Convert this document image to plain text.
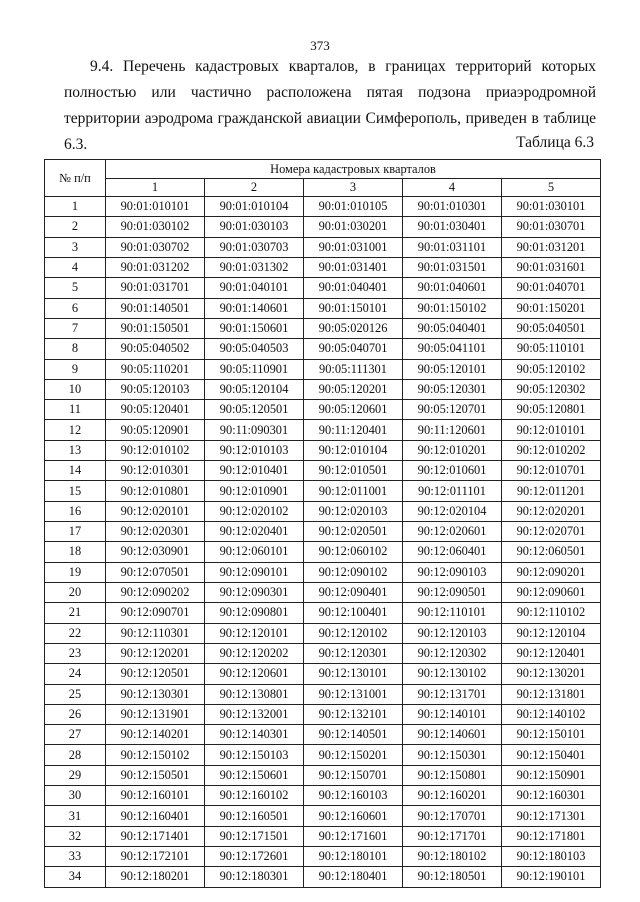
373

9.4. Перечень кадастровых кварталов, в границах территорий которых полностью или частично расположена пятая подзона приаэродромной территории аэродрома гражданской авиации Симферополь, приведен в таблице 6.3.	Таблица 6.3
№ п/п	Номера кадастровых кварталов				
	1	2	3	4	5
1	90:01:010101	90:01:010104	90:01:010105	90:01:010301	90:01:030101
2	90:01:030102	90:01:030103	90:01:030201	90:01:030401	90:01:030701
3	90:01:030702	90:01:030703	90:01:031001	90:01:031101	90:01:031201
4	90:01:031202	90:01:031302	90:01:031401	90:01:031501	90:01:031601
5	90:01:031701	90:01:040101	90:01:040401	90:01:040601	90:01:040701
6	90:01:140501	90:01:140601	90:01:150101	90:01:150102	90:01:150201
7	90:01:150501	90:01:150601	90:05:020126	90:05:040401	90:05:040501
8	90:05:040502	90:05:040503	90:05:040701	90:05:041101	90:05:110101
9	90:05:110201	90:05:110901	90:05:111301	90:05:120101	90:05:120102
10	90:05:120103	90:05:120104	90:05:120201	90:05:120301	90:05:120302
11	90:05:120401	90:05:120501	90:05:120601	90:05:120701	90:05:120801
12	90:05:120901	90:11:090301	90:11:120401	90:11:120601	90:12:010101
13	90:12:010102	90:12:010103	90:12:010104	90:12:010201	90:12:010202
14	90:12:010301	90:12:010401	90:12:010501	90:12:010601	90:12:010701
15	90:12:010801	90:12:010901	90:12:011001	90:12:011101	90:12:011201
16	90:12:020101	90:12:020102	90:12:020103	90:12:020104	90:12:020201
17	90:12:020301	90:12:020401	90:12:020501	90:12:020601	90:12:020701
18	90:12:030901	90:12:060101	90:12:060102	90:12:060401	90:12:060501
19	90:12:070501	90:12:090101	90:12:090102	90:12:090103	90:12:090201
20	90:12:090202	90:12:090301	90:12:090401	90:12:090501	90:12:090601
21	90:12:090701	90:12:090801	90:12:100401	90:12:110101	90:12:110102
22	90:12:110301	90:12:120101	90:12:120102	90:12:120103	90:12:120104
23	90:12:120201	90:12:120202	90:12:120301	90:12:120302	90:12:120401
24	90:12:120501	90:12:120601	90:12:130101	90:12:130102	90:12:130201
25	90:12:130301	90:12:130801	90:12:131001	90:12:131701	90:12:131801
26	90:12:131901	90:12:132001	90:12:132101	90:12:140101	90:12:140102
27	90:12:140201	90:12:140301	90:12:140501	90:12:140601	90:12:150101
28	90:12:150102	90:12:150103	90:12:150201	90:12:150301	90:12:150401
29	90:12:150501	90:12:150601	90:12:150701	90:12:150801	90:12:150901
30	90:12:160101	90:12:160102	90:12:160103	90:12:160201	90:12:160301
31	90:12:160401	90:12:160501	90:12:160601	90:12:170701	90:12:171301
32	90:12:171401	90:12:171501	90:12:171601	90:12:171701	90:12:171801
33	90:12:172101	90:12:172601	90:12:180101	90:12:180102	90:12:180103
34	90:12:180201	90:12:180301	90:12:180401	90:12:180501	90:12:190101
